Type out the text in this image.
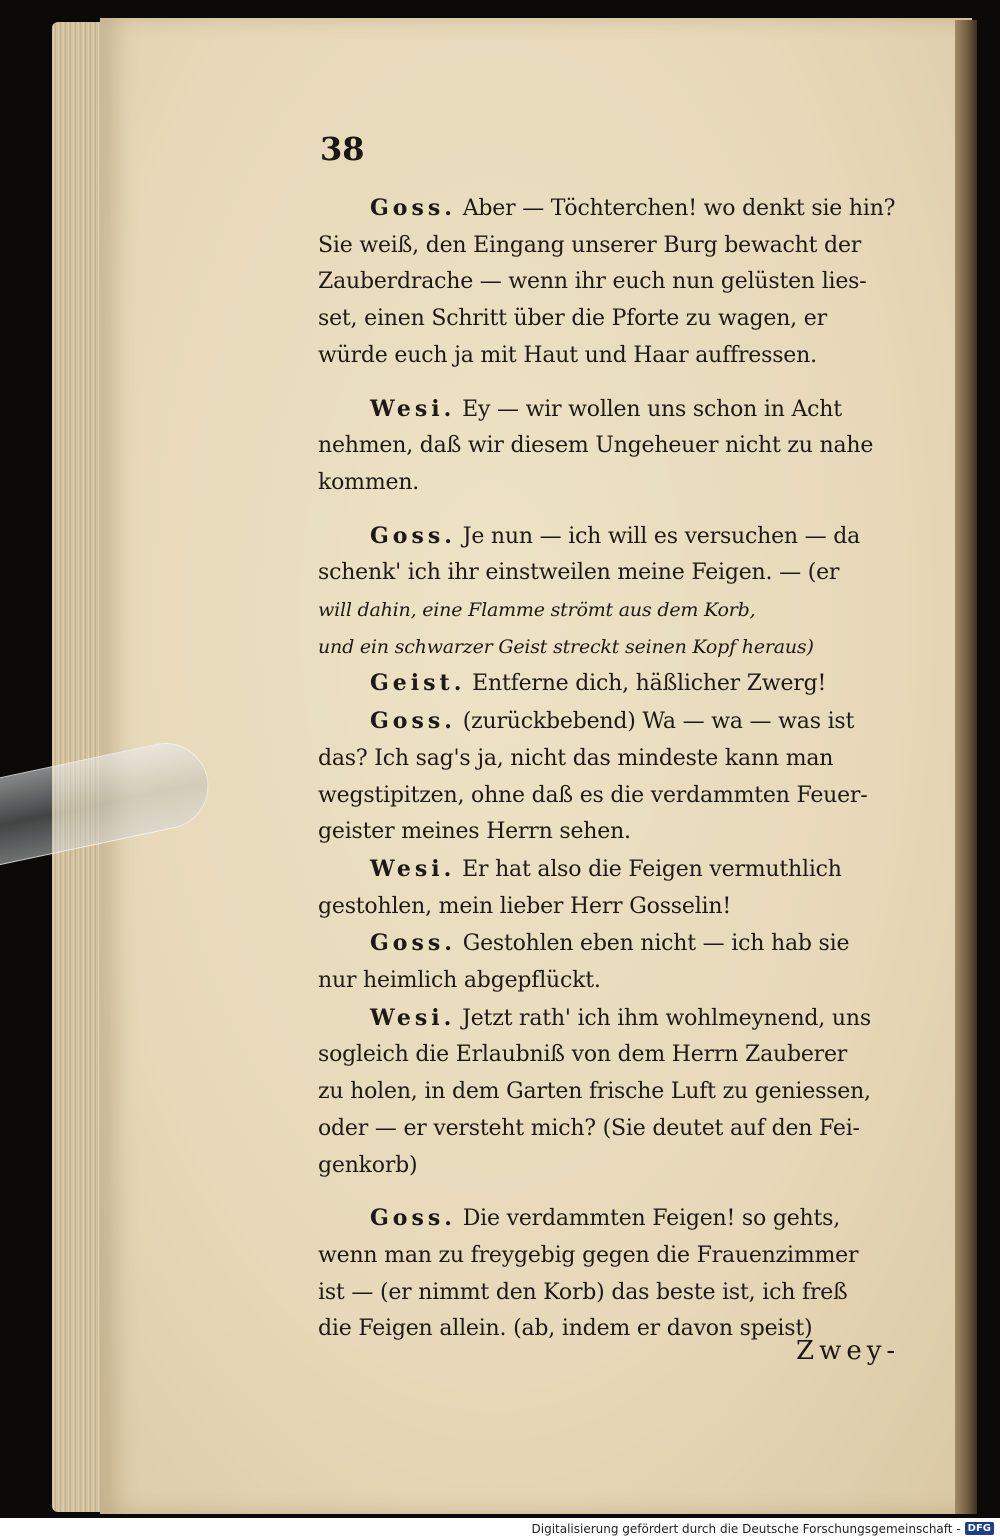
38

Goss. Aber — Töchterchen! wo denkt sie hin?
Sie weiß, den Eingang unserer Burg bewacht der
Zauberdrache — wenn ihr euch nun gelüsten lies-
set, einen Schritt über die Pforte zu wagen, er
würde euch ja mit Haut und Haar auffressen.

Wesi. Ey — wir wollen uns schon in Acht
nehmen, daß wir diesem Ungeheuer nicht zu nahe
kommen.

Goss. Je nun — ich will es versuchen — da
schenk' ich ihr einstweilen meine Feigen. — (er
will dahin, eine Flamme strömt aus dem Korb,
und ein schwarzer Geist streckt seinen Kopf heraus)

Geist. Entferne dich, häßlicher Zwerg!

Goss. (zurückbebend) Wa — wa — was ist
das? Ich sag's ja, nicht das mindeste kann man
wegstipitzen, ohne daß es die verdammten Feuer-
geister meines Herrn sehen.

Wesi. Er hat also die Feigen vermuthlich
gestohlen, mein lieber Herr Gosselin!

Goss. Gestohlen eben nicht — ich hab sie
nur heimlich abgepflückt.

Wesi. Jetzt rath' ich ihm wohlmeynend, uns
sogleich die Erlaubniß von dem Herrn Zauberer
zu holen, in dem Garten frische Luft zu geniessen,
oder — er versteht mich? (Sie deutet auf den Fei-
genkorb)

Goss. Die verdammten Feigen! so gehts,
wenn man zu freygebig gegen die Frauenzimmer
ist — (er nimmt den Korb) das beste ist, ich freß
die Feigen allein. (ab, indem er davon speist)

Zwey-
Digitalisierung gefördert durch die Deutsche Forschungsgemeinschaft - DFG
